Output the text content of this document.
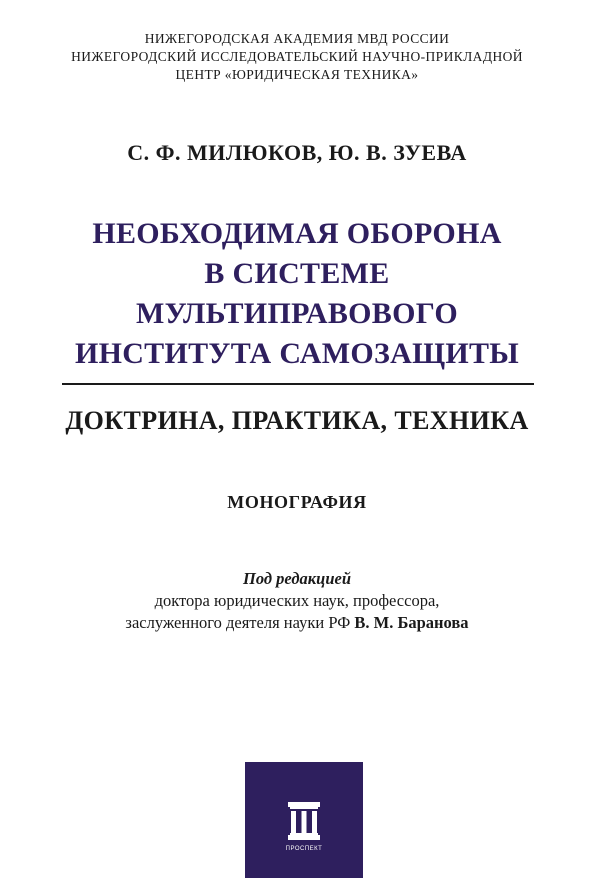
НИЖЕГОРОДСКАЯ АКАДЕМИЯ МВД РОССИИ
НИЖЕГОРОДСКИЙ ИССЛЕДОВАТЕЛЬСКИЙ НАУЧНО-ПРИКЛАДНОЙ
ЦЕНТР «ЮРИДИЧЕСКАЯ ТЕХНИКА»
С. Ф. МИЛЮКОВ, Ю. В. ЗУЕВА
НЕОБХОДИМАЯ ОБОРОНА
В СИСТЕМЕ
МУЛЬТИПРАВОВОГО
ИНСТИТУТА САМОЗАЩИТЫ
ДОКТРИНА, ПРАКТИКА, ТЕХНИКА
МОНОГРАФИЯ
Под редакцией
доктора юридических наук, профессора,
заслуженного деятеля науки РФ В. М. Баранова
ПРОСПЕКТ
